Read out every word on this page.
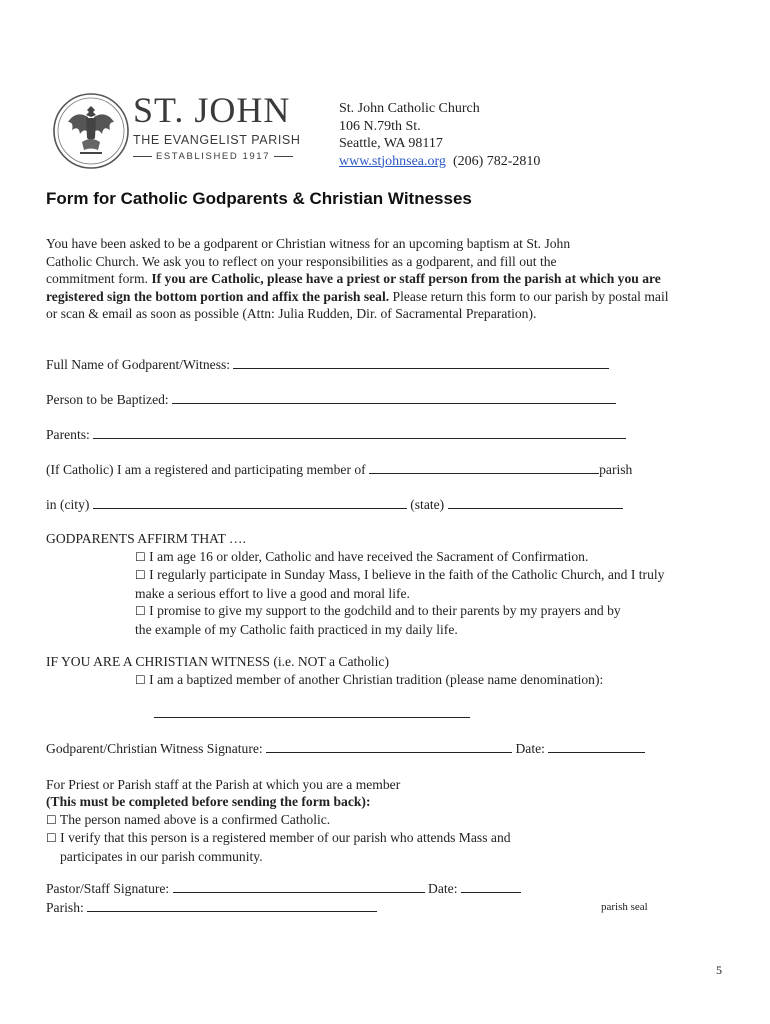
ST. JOHN
THE EVANGELIST PARISH
ESTABLISHED 1917
St. John Catholic Church
106 N.79th St.
Seattle, WA 98117
www.stjohnsea.org (206) 782-2810
Form for Catholic Godparents & Christian Witnesses

You have been asked to be a godparent or Christian witness for an upcoming baptism at St. John

Catholic Church. We ask you to reflect on your responsibilities as a godparent, and fill out the

commitment form. If you are Catholic, please have a priest or staff person from the parish at which you are

registered sign the bottom portion and affix the parish seal. Please return this form to our parish by postal mail

or scan & email as soon as possible (Attn: Julia Rudden, Dir. of Sacramental Preparation).

Full Name of Godparent/Witness:
Person to be Baptized:
Parents:
(If Catholic) I am a registered and participating member of	parish
in (city)	(state)
GODPARENTS AFFIRM THAT ….
☐ I am age 16 or older, Catholic and have received the Sacrament of Confirmation.
☐ I regularly participate in Sunday Mass, I believe in the faith of the Catholic Church, and I truly
make a serious effort to live a good and moral life.
☐ I promise to give my support to the godchild and to their parents by my prayers and by
the example of my Catholic faith practiced in my daily life.
IF YOU ARE A CHRISTIAN WITNESS (i.e. NOT a Catholic)
☐ I am a baptized member of another Christian tradition (please name denomination):
Godparent/Christian Witness Signature:	Date:
For Priest or Parish staff at the Parish at which you are a member
(This must be completed before sending the form back):
☐ The person named above is a confirmed Catholic.
☐ I verify that this person is a registered member of our parish who attends Mass and
participates in our parish community.
Pastor/Staff Signature:	Date:
Parish:	parish seal
5
